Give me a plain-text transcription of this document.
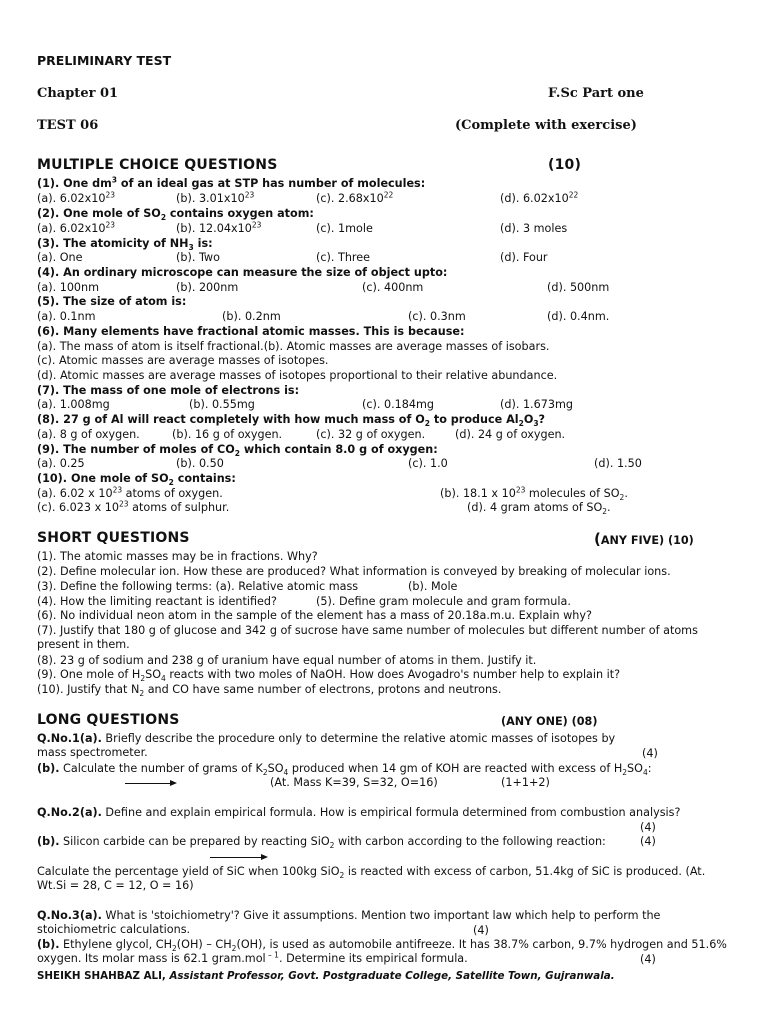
PRELIMINARY TEST
Chapter 01	F.Sc Part one
TEST 06	(Complete with exercise)
MULTIPLE CHOICE QUESTIONS	(10)
(1). One $dm^3$ of an ideal gas at STP has number of molecules:
(a). $6.02x10^{23}$	(b). $3.01x10^{23}$	(c). $2.68x10^{22}$	(d). $6.02x10^{22}$
(2). One mole of $SO_2$ contains oxygen atom:
(a). $6.02x10^{23}$	(b). $12.04x10^{23}$	(c). 1mole	(d). 3 moles
(3). The atomicity of $NH_3$ is:
(a). One	(b). Two	(c). Three	(d). Four
(4). An ordinary microscope can measure the size of object upto:
(a). 100nm	(b). 200nm	(c). 400nm	(d). 500nm
(5). The size of atom is:
(a). 0.1nm	(b). 0.2nm	(c). 0.3nm	(d). 0.4nm.
(6). Many elements have fractional atomic masses. This is because:
(a). The mass of atom is itself fractional.(b). Atomic masses are average masses of isobars.
(c). Atomic masses are average masses of isotopes.
(d). Atomic masses are average masses of isotopes proportional to their relative abundance.
(7). The mass of one mole of electrons is:
(a). 1.008mg	(b). 0.55mg	(c). 0.184mg	(d). 1.673mg
(8). 27 g of Al will react completely with how much mass of $O_2$ to produce $Al_2O_3$?
(a). 8 g of oxygen.	(b). 16 g of oxygen.	(c). 32 g of oxygen.	(d). 24 g of oxygen.
(9). The number of moles of $CO_2$ which contain 8.0 g of oxygen:
(a). 0.25	(b). 0.50	(c). 1.0	(d). 1.50
(10). One mole of $SO_2$ contains:
(a). 6.02 x $10^{23}$ atoms of oxygen.	(b). 18.1 x $10^{23}$ molecules of $SO_2$.
(c). 6.023 x $10^{23}$ atoms of sulphur.	(d). 4 gram atoms of $SO_2$.
SHORT QUESTIONS	(ANY FIVE) (10)
(1). The atomic masses may be in fractions. Why?
(2). Define molecular ion. How these are produced? What information is conveyed by breaking of molecular ions.
(3). Define the following terms: (a). Relative atomic mass	(b). Mole
(4). How the limiting reactant is identified?	(5). Define gram molecule and gram formula.
(6). No individual neon atom in the sample of the element has a mass of 20.18a.m.u. Explain why?
(7). Justify that 180 g of glucose and 342 g of sucrose have same number of molecules but different number of atoms present in them.
(8). 23 g of sodium and 238 g of uranium have equal number of atoms in them. Justify it.
(9). One mole of $H_2SO_4$ reacts with two moles of NaOH. How does Avogadro's number help to explain it?
(10). Justify that $N_2$ and CO have same number of electrons, protons and neutrons.
LONG QUESTIONS	(ANY ONE) (08)
Q.No.1(a). Briefly describe the procedure only to determine the relative atomic masses of isotopes by mass spectrometer.	(4)
(b). Calculate the number of grams of $K_2SO_4$ produced when 14 gm of KOH are reacted with excess of $H_2SO_4$:
(At. Mass K=39, S=32, O=16)	(1+1+2)
Q.No.2(a). Define and explain empirical formula. How is empirical formula determined from combustion analysis?
(4)
(b). Silicon carbide can be prepared by reacting SiO$_2$ with carbon according to the following reaction:	(4)
Calculate the percentage yield of SiC when 100kg SiO$_2$ is reacted with excess of carbon, 51.4kg of SiC is produced. (At. Wt.Si = 28, C = 12, O = 16)
Q.No.3(a). What is 'stoichiometry'? Give it assumptions. Mention two important law which help to perform the stoichiometric calculations.	(4)
(b). Ethylene glycol, $CH_2(OH) - CH_2(OH)$, is used as automobile antifreeze. It has 38.7% carbon, 9.7% hydrogen and 51.6% oxygen. Its molar mass is 62.1 gram.mol $^{- 1}$. Determine its empirical formula.	(4)
SHEIKH SHAHBAZ ALI, Assistant Professor, Govt. Postgraduate College, Satellite Town, Gujranwala.
